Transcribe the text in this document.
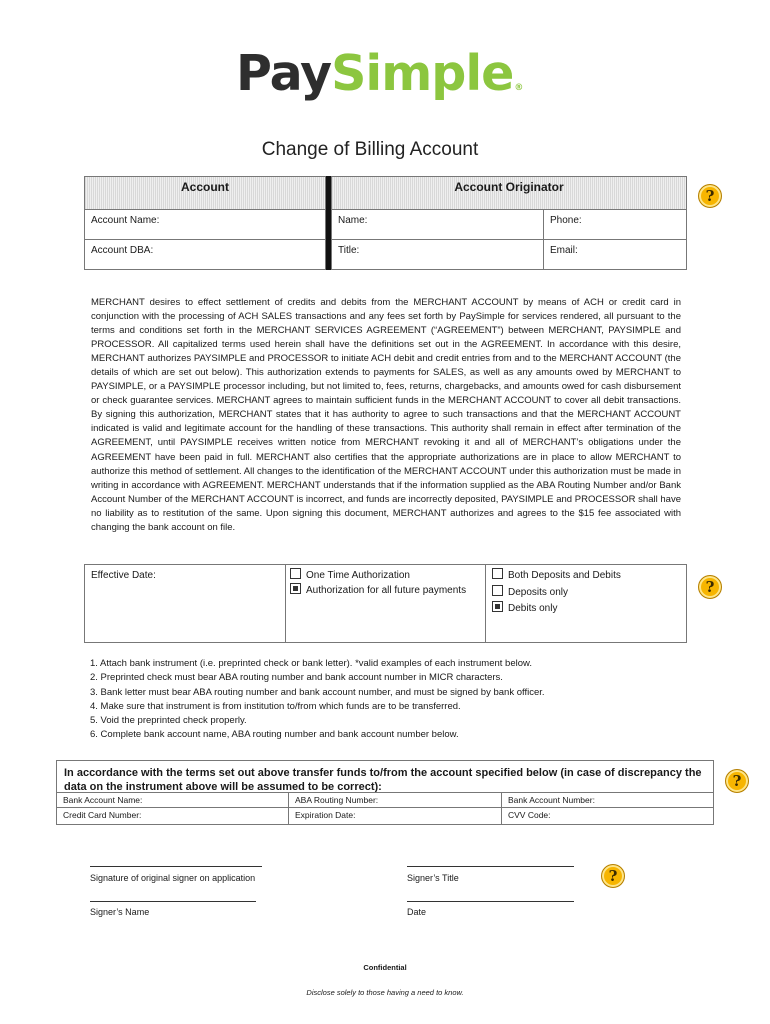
PaySimple®
Change of Billing Account
Account	Account Originator
Account Name:	Name:	Phone:
Account DBA:	Title:	Email:
?
MERCHANT desires to effect settlement of credits and debits from the MERCHANT ACCOUNT by means of ACH or credit card in conjunction with the processing of ACH SALES transactions and any fees set forth by PaySimple for services rendered, all pursuant to the terms and conditions set forth in the MERCHANT SERVICES AGREEMENT (“AGREEMENT”) between MERCHANT, PAYSIMPLE and PROCESSOR. All capitalized terms used herein shall have the definitions set out in the AGREEMENT. In accordance with this desire, MERCHANT authorizes PAYSIMPLE and PROCESSOR to initiate ACH debit and credit entries from and to the MERCHANT ACCOUNT (the details of which are set out below). This authorization extends to payments for SALES, as well as any amounts owed by MERCHANT to PAYSIMPLE, or a PAYSIMPLE processor including, but not limited to, fees, returns, chargebacks, and amounts owed for cash disbursement or check guarantee services. MERCHANT agrees to maintain sufficient funds in the MERCHANT ACCOUNT to cover all debit transactions. By signing this authorization, MERCHANT states that it has authority to agree to such transactions and that the MERCHANT ACCOUNT indicated is valid and legitimate account for the handling of these transactions. This authority shall remain in effect after termination of the AGREEMENT, until PAYSIMPLE receives written notice from MERCHANT revoking it and all of MERCHANT’s obligations under the AGREEMENT have been paid in full. MERCHANT also certifies that the appropriate authorizations are in place to allow MERCHANT to authorize this method of settlement. All changes to the identification of the MERCHANT ACCOUNT under this authorization must be made in writing in accordance with AGREEMENT. MERCHANT understands that if the information supplied as the ABA Routing Number and/or Bank Account Number of the MERCHANT ACCOUNT is incorrect, and funds are incorrectly deposited, PAYSIMPLE and PROCESSOR shall have no liability as to restitution of the same. Upon signing this document, MERCHANT authorizes and agrees to the $15 fee associated with changing the bank account on file.
Effective Date:	One Time Authorization
Authorization for all future payments
Both Deposits and Debits
Deposits only
Debits only
?
1. Attach bank instrument (i.e. preprinted check or bank letter). *valid examples of each instrument below.
2. Preprinted check must bear ABA routing number and bank account number in MICR characters.
3. Bank letter must bear ABA routing number and bank account number, and must be signed by bank officer.
4. Make sure that instrument is from institution to/from which funds are to be transferred.
5. Void the preprinted check properly.
6. Complete bank account name, ABA routing number and bank account number below.
In accordance with the terms set out above transfer funds to/from the account specified below (in case of discrepancy the data on the instrument above will be assumed to be correct):
Bank Account Name:	ABA Routing Number:	Bank Account Number:
Credit Card Number:	Expiration Date:	CVV Code:
?
Signature of original signer on application	Signer’s Title	?
Signer’s Name	Date
Confidential
Disclose solely to those having a need to know.
